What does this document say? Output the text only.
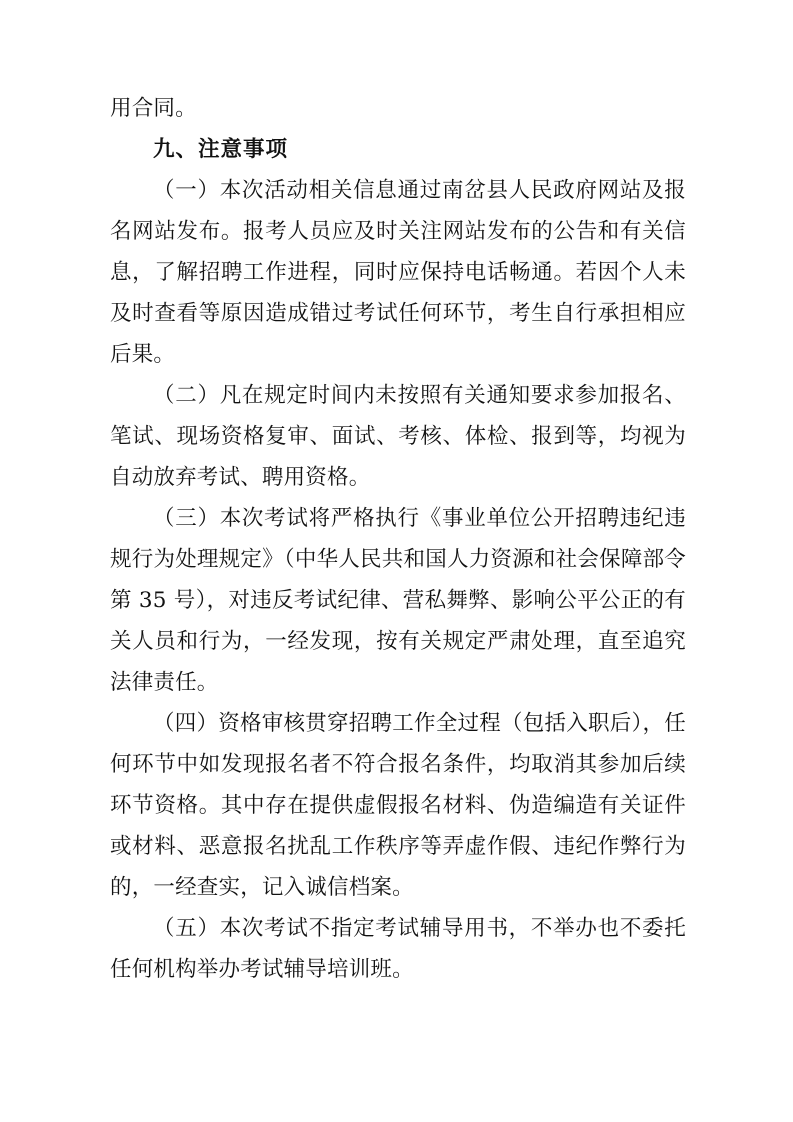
用合同。

九、注意事项

（一）本次活动相关信息通过南岔县人民政府网站及报名网站发布。报考人员应及时关注网站发布的公告和有关信息，了解招聘工作进程，同时应保持电话畅通。若因个人未及时查看等原因造成错过考试任何环节，考生自行承担相应后果。

（二）凡在规定时间内未按照有关通知要求参加报名、笔试、现场资格复审、面试、考核、体检、报到等，均视为自动放弃考试、聘用资格。

（三）本次考试将严格执行《事业单位公开招聘违纪违规行为处理规定》（中华人民共和国人力资源和社会保障部令第 35 号），对违反考试纪律、营私舞弊、影响公平公正的有关人员和行为，一经发现，按有关规定严肃处理，直至追究法律责任。

（四）资格审核贯穿招聘工作全过程（包括入职后），任何环节中如发现报名者不符合报名条件，均取消其参加后续环节资格。其中存在提供虚假报名材料、伪造编造有关证件或材料、恶意报名扰乱工作秩序等弄虚作假、违纪作弊行为的，一经查实，记入诚信档案。

（五）本次考试不指定考试辅导用书，不举办也不委托任何机构举办考试辅导培训班。
